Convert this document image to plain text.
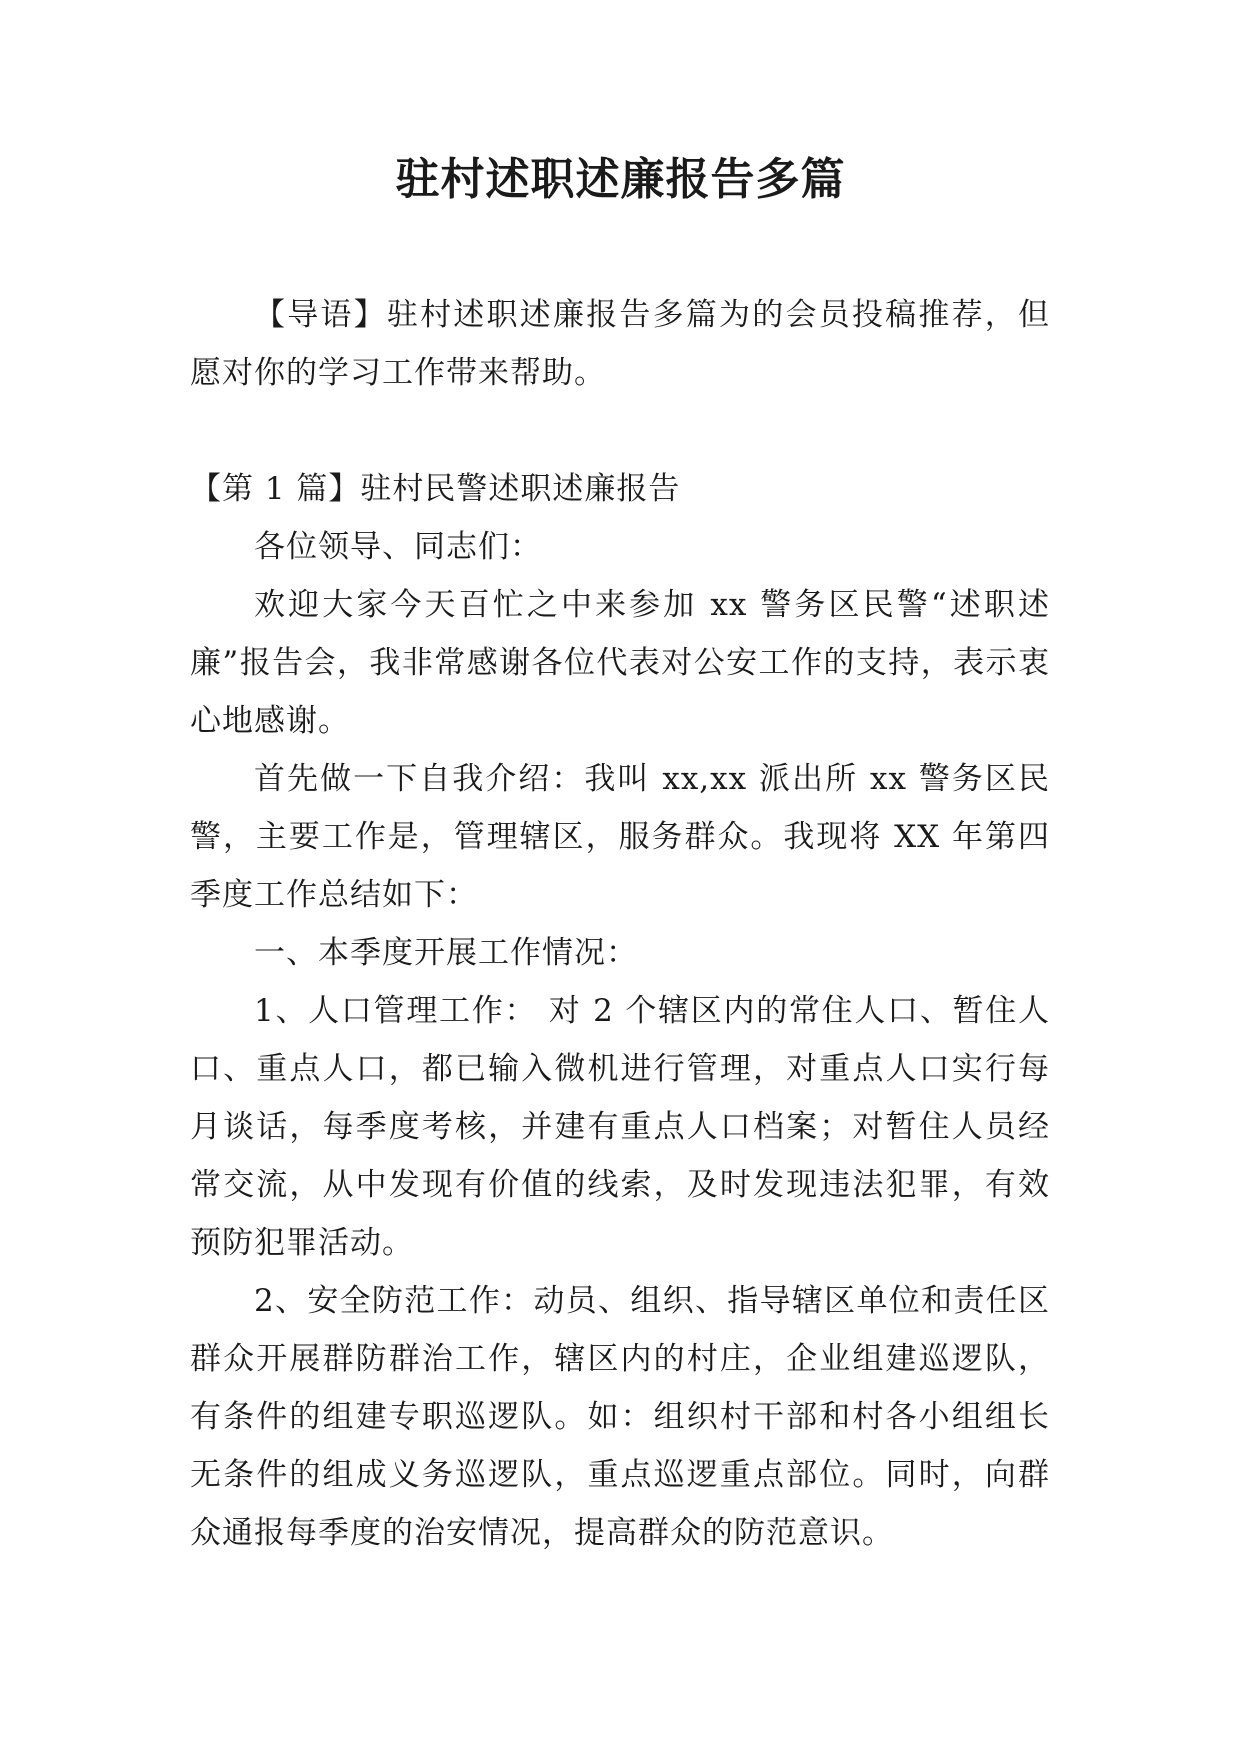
驻村述职述廉报告多篇

【导语】驻村述职述廉报告多篇为的会员投稿推荐，但愿对你的学习工作带来帮助。

【第 1 篇】驻村民警述职述廉报告

各位领导、同志们：

欢迎大家今天百忙之中来参加 xx 警务区民警“述职述廉”报告会，我非常感谢各位代表对公安工作的支持，表示衷心地感谢。

首先做一下自我介绍：我叫 xx,xx 派出所 xx 警务区民警，主要工作是，管理辖区，服务群众。我现将 XX 年第四季度工作总结如下：

一、本季度开展工作情况：

1、人口管理工作： 对 2 个辖区内的常住人口、暂住人口、重点人口，都已输入微机进行管理，对重点人口实行每月谈话，每季度考核，并建有重点人口档案；对暂住人员经常交流，从中发现有价值的线索，及时发现违法犯罪，有效预防犯罪活动。

2、安全防范工作：动员、组织、指导辖区单位和责任区群众开展群防群治工作，辖区内的村庄，企业组建巡逻队，有条件的组建专职巡逻队。如：组织村干部和村各小组组长无条件的组成义务巡逻队，重点巡逻重点部位。同时，向群众通报每季度的治安情况，提高群众的防范意识。
